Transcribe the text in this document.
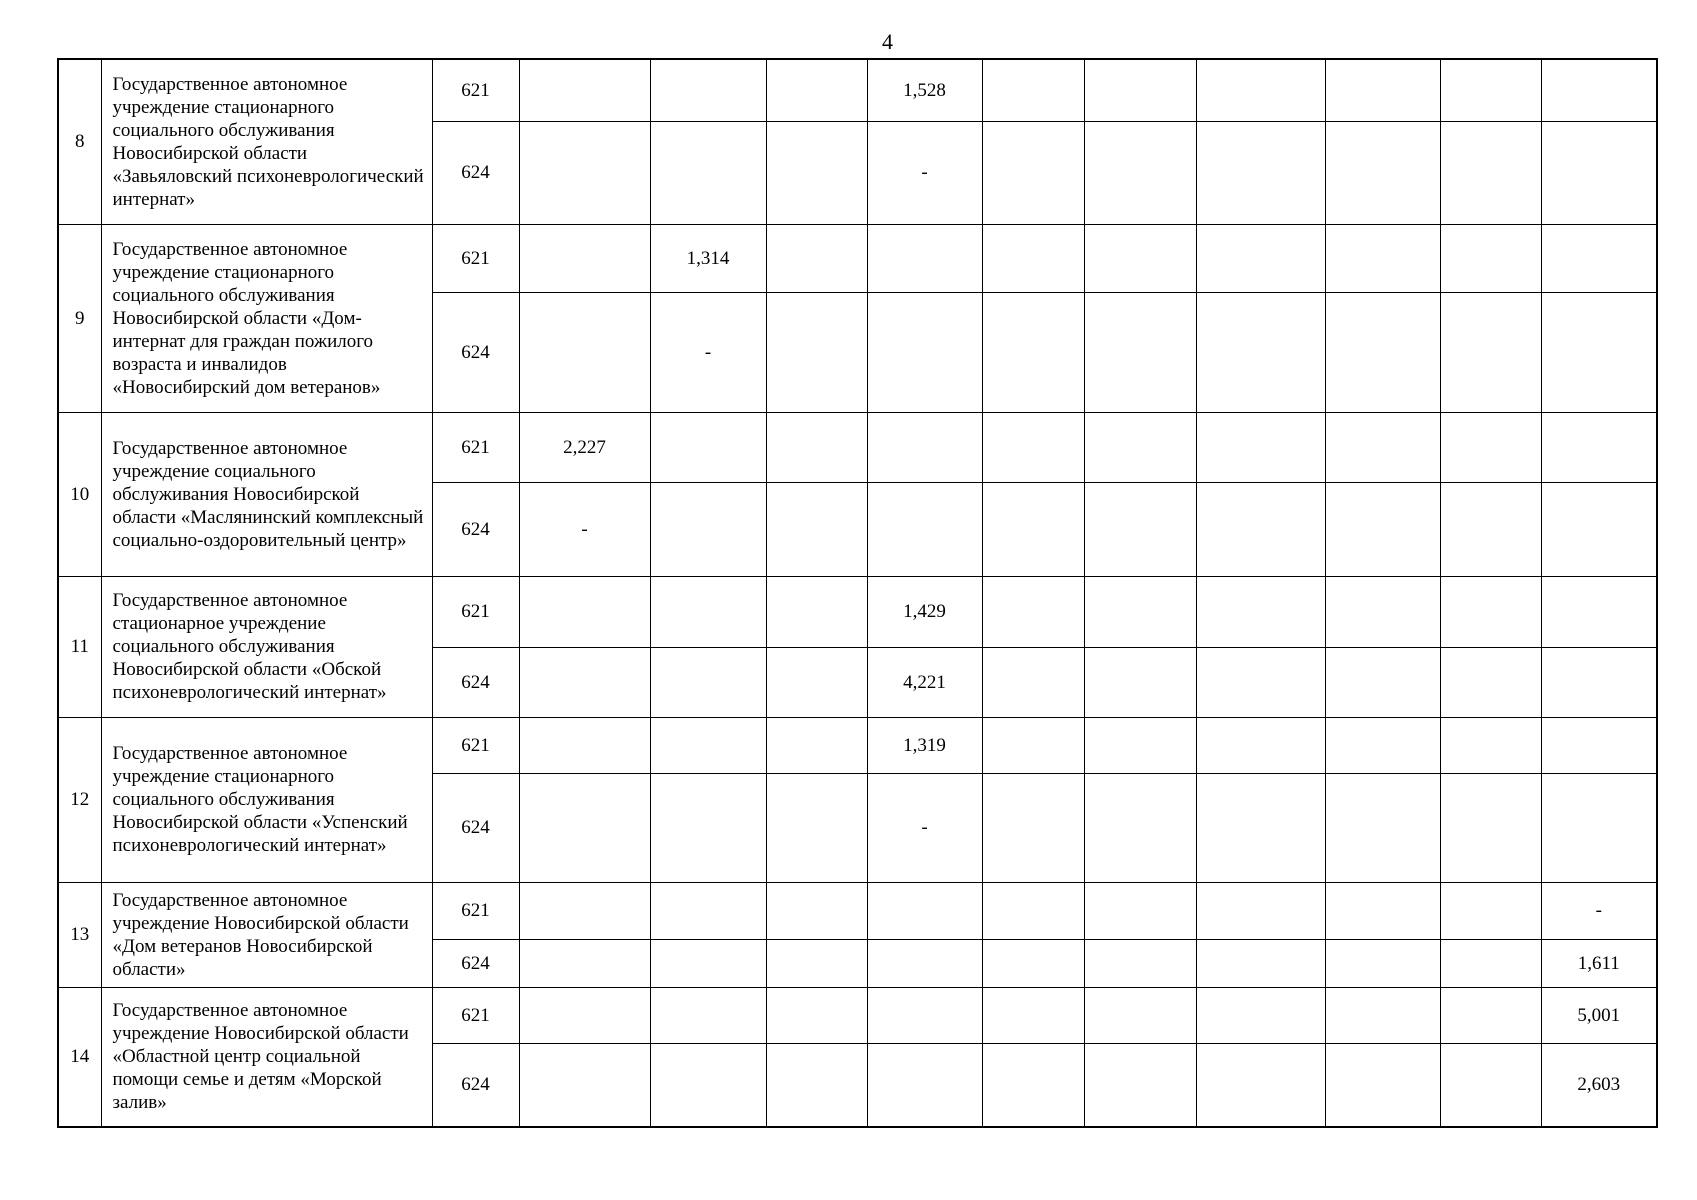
4
8	Государственное автономное учреждение стационарного социального обслуживания Новосибирской области «Завьяловский психоневрологический интернат»	621				1,528						
		624				-						
9	Государственное автономное учреждение стационарного социального обслуживания Новосибирской области «Дом-интернат для граждан пожилого возраста и инвалидов «Новосибирский дом ветеранов»	621		1,314								
		624		-								
10	Государственное автономное учреждение социального обслуживания Новосибирской области «Маслянинский комплексный социально-оздоровительный центр»	621	2,227									
		624	-									
11	Государственное автономное стационарное учреждение социального обслуживания Новосибирской области «Обской психоневрологический интернат»	621				1,429						
		624				4,221						
12	Государственное автономное учреждение стационарного социального обслуживания Новосибирской области «Успенский психоневрологический интернат»	621				1,319						
		624				-						
13	Государственное автономное учреждение Новосибирской области «Дом ветеранов Новосибирской области»	621										-
		624										1,611
14	Государственное автономное учреждение Новосибирской области «Областной центр социальной помощи семье и детям «Морской залив»	621										5,001
		624										2,603
